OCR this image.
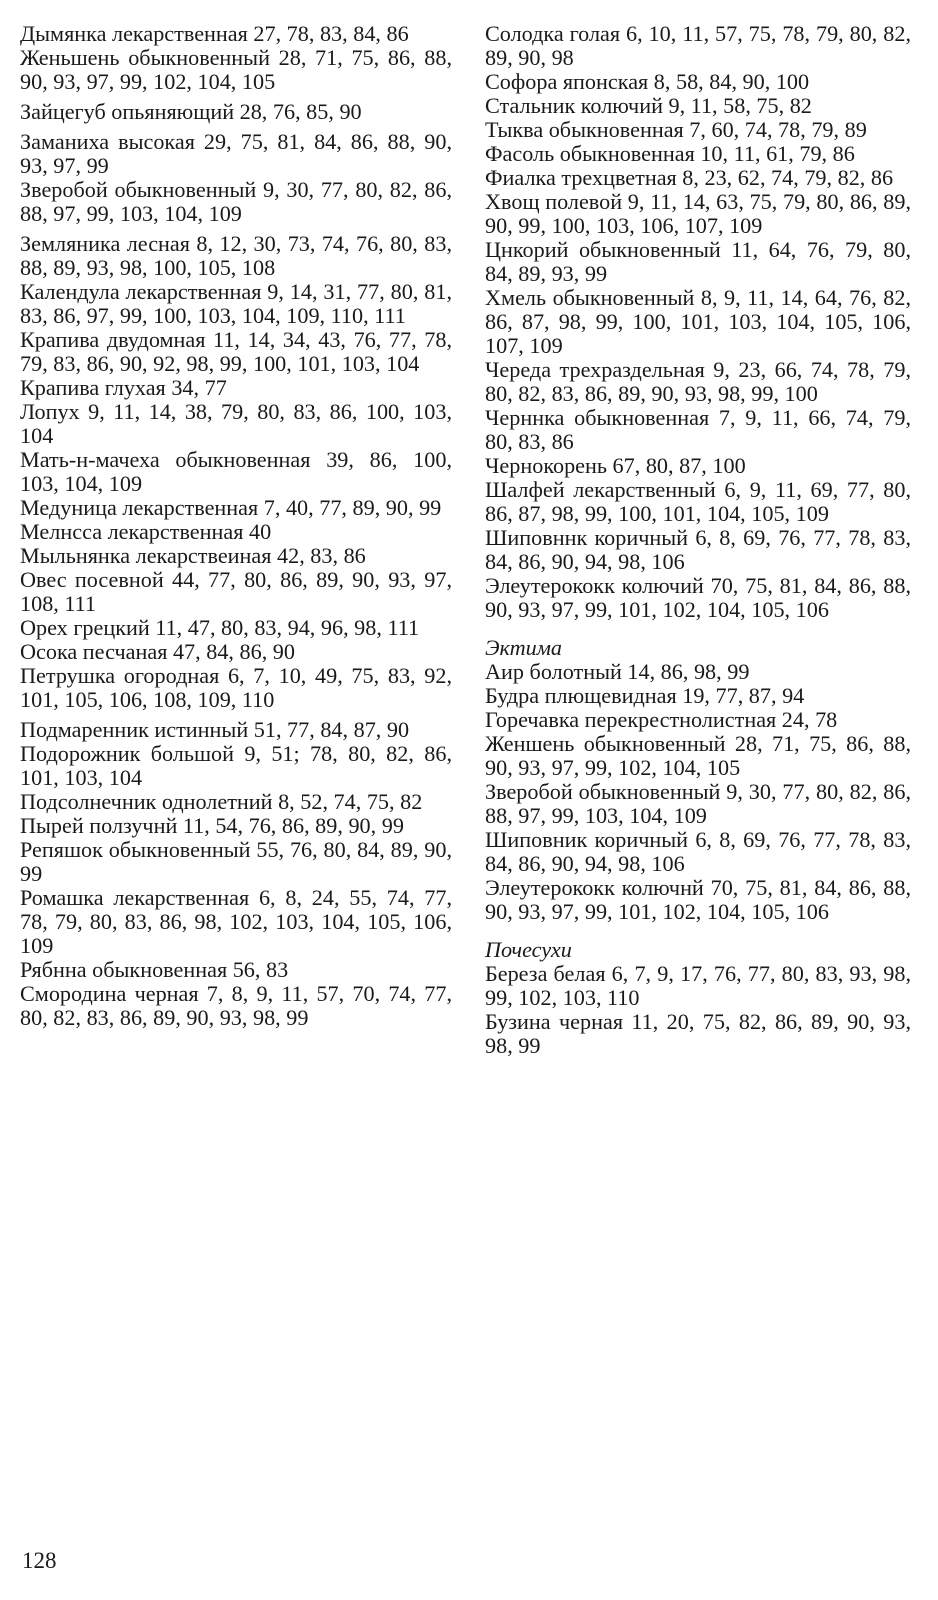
Дымянка лекарственная 27, 78, 83, 84, 86
Женьшень обыкновенный 28, 71, 75, 86, 88, 90, 93, 97, 99, 102, 104, 105
Зайцегуб опьяняющий 28, 76, 85, 90
Заманиха высокая 29, 75, 81, 84, 86, 88, 90, 93, 97, 99
Зверобой обыкновенный 9, 30, 77, 80, 82, 86, 88, 97, 99, 103, 104, 109
Земляника лесная 8, 12, 30, 73, 74, 76, 80, 83, 88, 89, 93, 98, 100, 105, 108
Календула лекарственная 9, 14, 31, 77, 80, 81, 83, 86, 97, 99, 100, 103, 104, 109, 110, 111
Крапива двудомная 11, 14, 34, 43, 76, 77, 78, 79, 83, 86, 90, 92, 98, 99, 100, 101, 103, 104
Крапива глухая 34, 77
Лопух 9, 11, 14, 38, 79, 80, 83, 86, 100, 103, 104
Мать-н-мачеха обыкновенная 39, 86, 100, 103, 104, 109
Медуница лекарственная 7, 40, 77, 89, 90, 99
Мелнсса лекарственная 40
Мыльнянка лекарствеиная 42, 83, 86
Овес посевной 44, 77, 80, 86, 89, 90, 93, 97, 108, 111
Орех грецкий 11, 47, 80, 83, 94, 96, 98, 111
Осока песчаная 47, 84, 86, 90
Петрушка огородная 6, 7, 10, 49, 75, 83, 92, 101, 105, 106, 108, 109, 110
Подмаренник истинный 51, 77, 84, 87, 90
Подорожник большой 9, 51; 78, 80, 82, 86, 101, 103, 104
Подсолнечник однолетний 8, 52, 74, 75, 82
Пырей ползучнй 11, 54, 76, 86, 89, 90, 99
Репяшок обыкновенный 55, 76, 80, 84, 89, 90, 99
Ромашка лекарственная 6, 8, 24, 55, 74, 77, 78, 79, 80, 83, 86, 98, 102, 103, 104, 105, 106, 109
Рябнна обыкновенная 56, 83
Смородина черная 7, 8, 9, 11, 57, 70, 74, 77, 80, 82, 83, 86, 89, 90, 93, 98, 99
Солодка голая 6, 10, 11, 57, 75, 78, 79, 80, 82, 89, 90, 98
Софора японская 8, 58, 84, 90, 100
Стальник колючий 9, 11, 58, 75, 82
Тыква обыкновенная 7, 60, 74, 78, 79, 89
Фасоль обыкновенная 10, 11, 61, 79, 86
Фиалка трехцветная 8, 23, 62, 74, 79, 82, 86
Хвощ полевой 9, 11, 14, 63, 75, 79, 80, 86, 89, 90, 99, 100, 103, 106, 107, 109
Цнкорий обыкновенный 11, 64, 76, 79, 80, 84, 89, 93, 99
Хмель обыкновенный 8, 9, 11, 14, 64, 76, 82, 86, 87, 98, 99, 100, 101, 103, 104, 105, 106, 107, 109
Череда трехраздельная 9, 23, 66, 74, 78, 79, 80, 82, 83, 86, 89, 90, 93, 98, 99, 100
Черннка обыкновенная 7, 9, 11, 66, 74, 79, 80, 83, 86
Чернокорень 67, 80, 87, 100
Шалфей лекарственный 6, 9, 11, 69, 77, 80, 86, 87, 98, 99, 100, 101, 104, 105, 109
Шиповннк коричный 6, 8, 69, 76, 77, 78, 83, 84, 86, 90, 94, 98, 106
Элеутерококк колючий 70, 75, 81, 84, 86, 88, 90, 93, 97, 99, 101, 102, 104, 105, 106
Эктима
Аир болотный 14, 86, 98, 99
Будра плющевидная 19, 77, 87, 94
Горечавка перекрестнолистная 24, 78
Женшень обыкновенный 28, 71, 75, 86, 88, 90, 93, 97, 99, 102, 104, 105
Зверобой обыкновенный 9, 30, 77, 80, 82, 86, 88, 97, 99, 103, 104, 109
Шиповник коричный 6, 8, 69, 76, 77, 78, 83, 84, 86, 90, 94, 98, 106
Элеутерококк колючнй 70, 75, 81, 84, 86, 88, 90, 93, 97, 99, 101, 102, 104, 105, 106
Почесухи
Береза белая 6, 7, 9, 17, 76, 77, 80, 83, 93, 98, 99, 102, 103, 110
Бузина черная 11, 20, 75, 82, 86, 89, 90, 93, 98, 99
128
